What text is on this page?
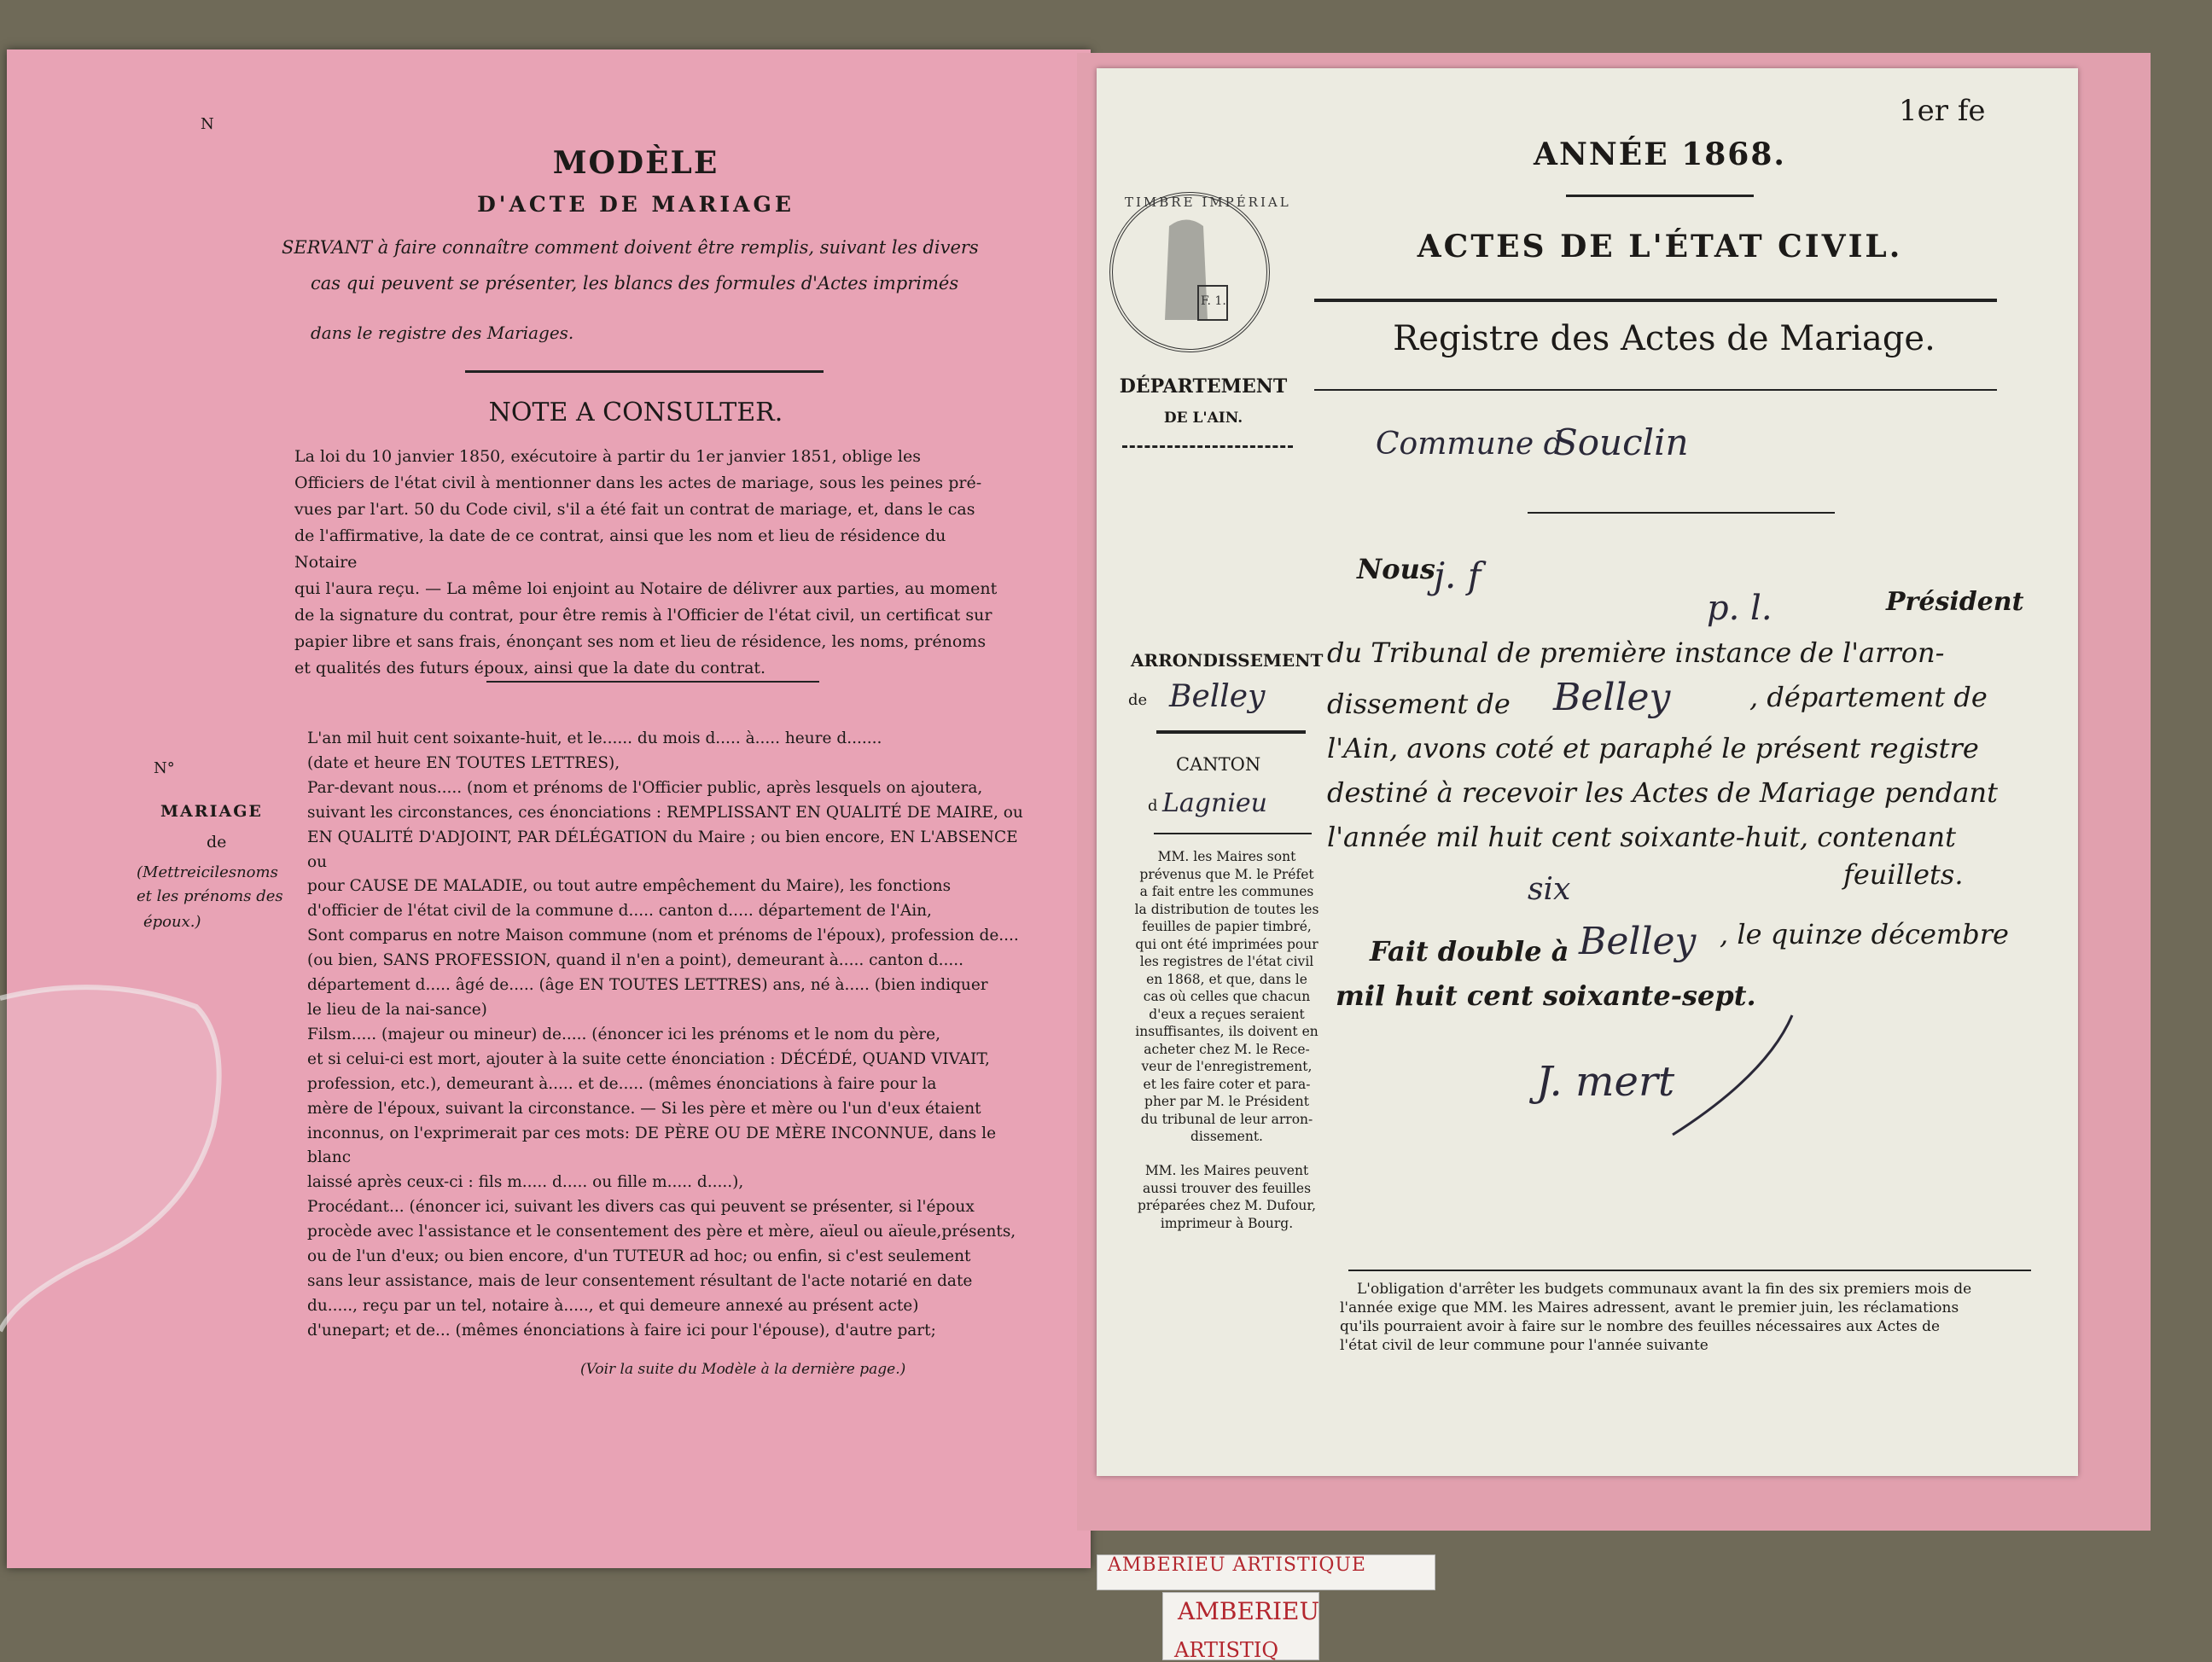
N
MODÈLE
D'ACTE DE MARIAGE
SERVANT à faire connaître comment doivent être remplis, suivant les divers
cas qui peuvent se présenter, les blancs des formules d'Actes imprimés
dans le registre des Mariages.
NOTE A CONSULTER.
La loi du 10 janvier 1850, exécutoire à partir du 1er janvier 1851, oblige les
Officiers de l'état civil à mentionner dans les actes de mariage, sous les peines pré-
vues par l'art. 50 du Code civil, s'il a été fait un contrat de mariage, et, dans le cas
de l'affirmative, la date de ce contrat, ainsi que les nom et lieu de résidence du Notaire
qui l'aura reçu. — La même loi enjoint au Notaire de délivrer aux parties, au moment
de la signature du contrat, pour être remis à l'Officier de l'état civil, un certificat sur
papier libre et sans frais, énonçant ses nom et lieu de résidence, les noms, prénoms
et qualités des futurs époux, ainsi que la date du contrat.
N°
MARIAGE
de
(Mettreicilesnoms
et les prénoms des
époux.)
L'an mil huit cent soixante-huit, et le...... du mois d..... à..... heure d.......
(date et heure EN TOUTES LETTRES),
Par-devant nous..... (nom et prénoms de l'Officier public, après lesquels on ajoutera,
suivant les circonstances, ces énonciations : REMPLISSANT EN QUALITÉ DE MAIRE, ou
EN QUALITÉ D'ADJOINT, PAR DÉLÉGATION du Maire ; ou bien encore, EN L'ABSENCE ou
pour CAUSE DE MALADIE, ou tout autre empêchement du Maire), les fonctions
d'officier de l'état civil de la commune d..... canton d..... département de l'Ain,
Sont comparus en notre Maison commune (nom et prénoms de l'époux), profession de....
(ou bien, SANS PROFESSION, quand il n'en a point), demeurant à..... canton d.....
département d..... âgé de..... (âge EN TOUTES LETTRES) ans, né à..... (bien indiquer
le lieu de la nai-sance)
Filsm..... (majeur ou mineur) de..... (énoncer ici les prénoms et le nom du père,
et si celui-ci est mort, ajouter à la suite cette énonciation : DÉCÉDÉ, QUAND VIVAIT,
profession, etc.), demeurant à..... et de..... (mêmes énonciations à faire pour la
mère de l'époux, suivant la circonstance. — Si les père et mère ou l'un d'eux étaient
inconnus, on l'exprimerait par ces mots: DE PÈRE OU DE MÈRE INCONNUE, dans le blanc
laissé après ceux-ci : fils m..... d..... ou fille m..... d.....),
Procédant... (énoncer ici, suivant les divers cas qui peuvent se présenter, si l'époux
procède avec l'assistance et le consentement des père et mère, aïeul ou aïeule,présents,
ou de l'un d'eux; ou bien encore, d'un TUTEUR ad hoc; ou enfin, si c'est seulement
sans leur assistance, mais de leur consentement résultant de l'acte notarié en date
du....., reçu par un tel, notaire à....., et qui demeure annexé au présent acte)
d'unepart; et de... (mêmes énonciations à faire ici pour l'épouse), d'autre part;
(Voir la suite du Modèle à la dernière page.)
1er fe
ANNÉE 1868.
ACTES DE L'ÉTAT CIVIL.
Registre des Actes de Mariage.
TIMBRE IMPÉRIAL
F. 1.
DÉPARTEMENT
DE L'AIN.
Commune d
Souclin
Nous
j. f
p. l.	Président
du Tribunal de première instance de l'arron-
dissement de Belley	, département de
l'Ain, avons coté et paraphé le présent registre
destiné à recevoir les Actes de Mariage pendant
l'année mil huit cent soixante-huit, contenant
six	feuillets.
Fait double à Belley , le quinze décembre
mil huit cent soixante-sept.
J. mert
ARRONDISSEMENT
de Belley
CANTON
d Lagnieu
MM. les Maires sont
prévenus que M. le Préfet
a fait entre les communes
la distribution de toutes les
feuilles de papier timbré,
qui ont été imprimées pour
les registres de l'état civil
en 1868, et que, dans le
cas où celles que chacun
d'eux a reçues seraient
insuffisantes, ils doivent en
acheter chez M. le Rece-
veur de l'enregistrement,
et les faire coter et para-
pher par M. le Président
du tribunal de leur arron-
dissement.
MM. les Maires peuvent
aussi trouver des feuilles
préparées chez M. Dufour,
imprimeur à Bourg.
L'obligation d'arrêter les budgets communaux avant la fin des six premiers mois de
l'année exige que MM. les Maires adressent, avant le premier juin, les réclamations
qu'ils pourraient avoir à faire sur le nombre des feuilles nécessaires aux Actes de
l'état civil de leur commune pour l'année suivante
AMBERIEU ARTISTIQUE
AMBERIEU
ARTISTIQ
